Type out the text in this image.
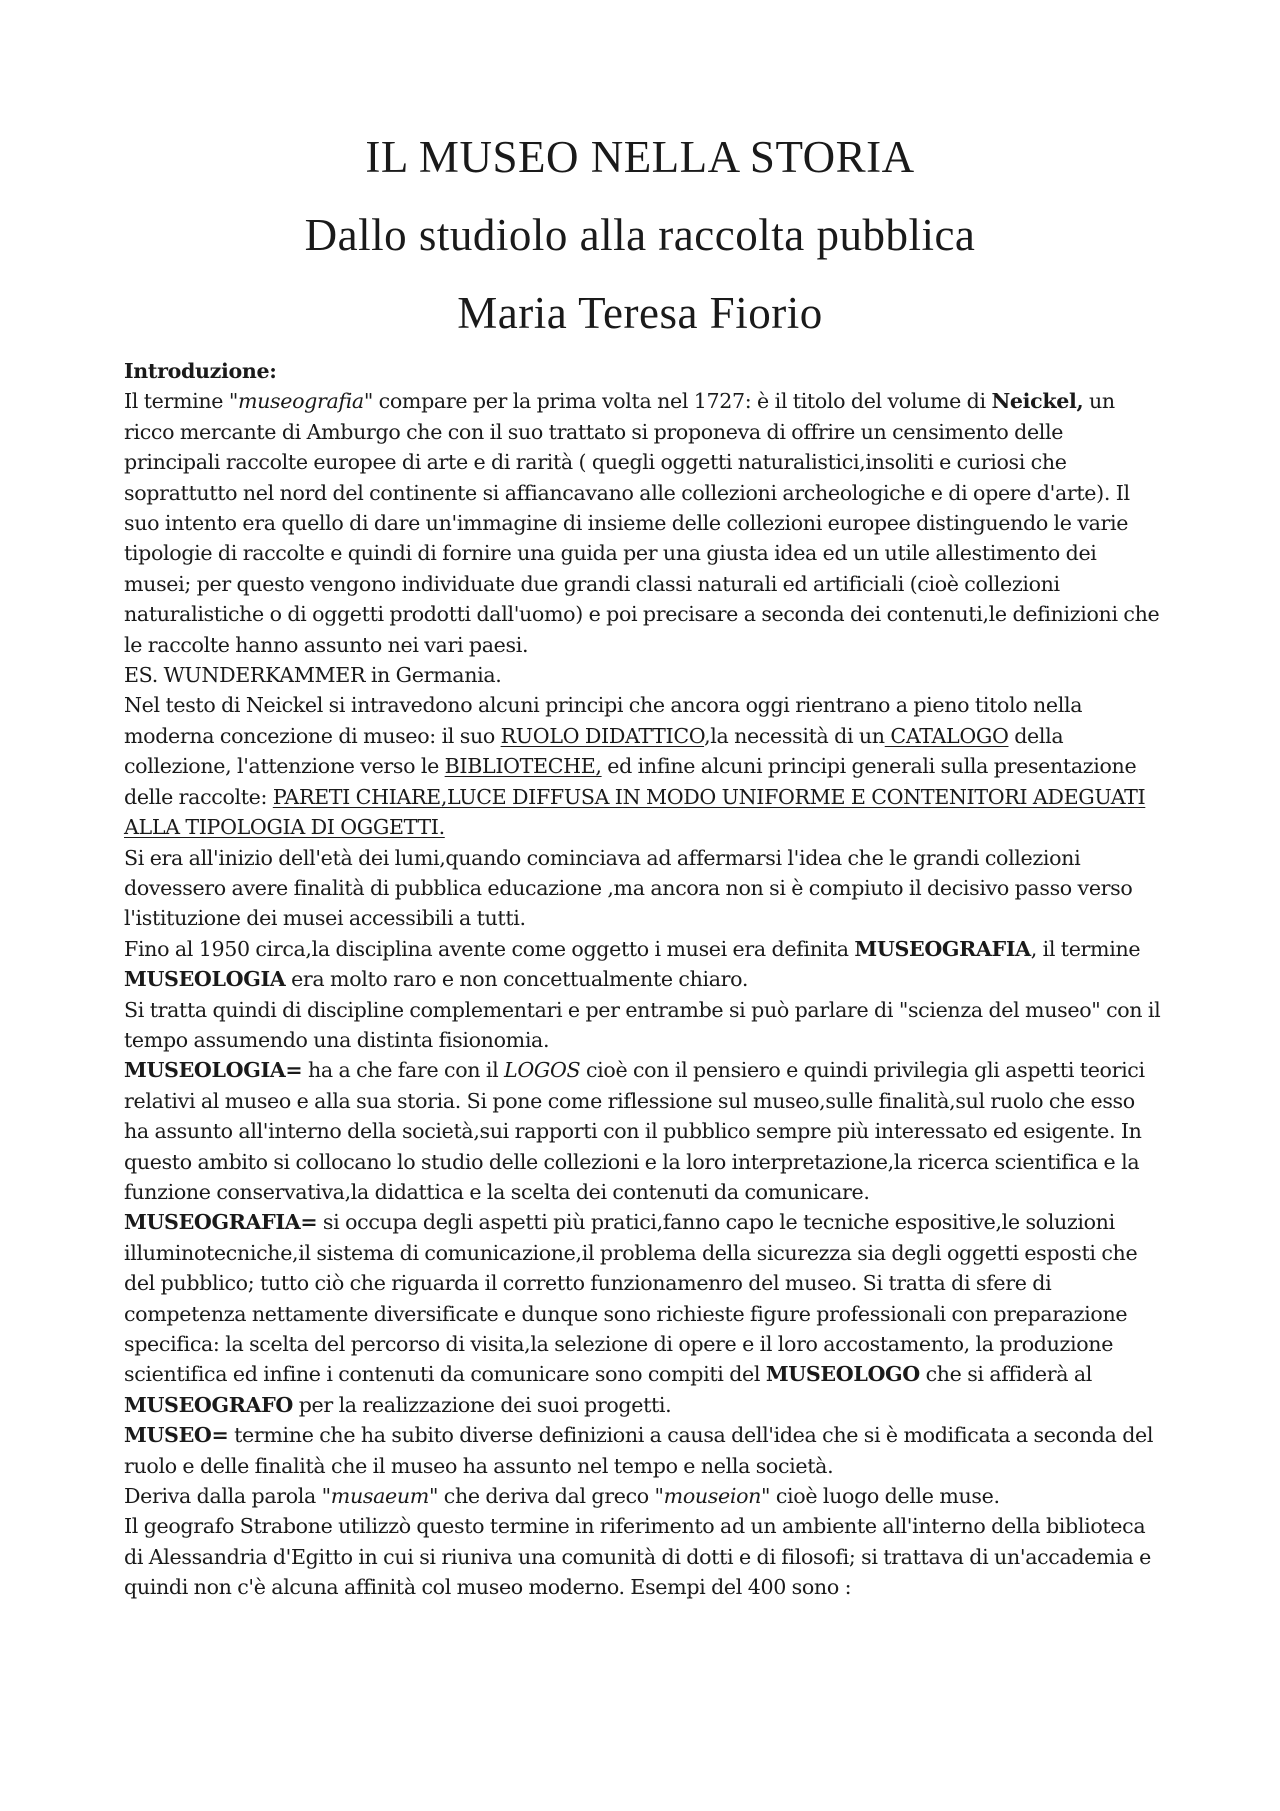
IL MUSEO NELLA STORIA

Dallo studiolo alla raccolta pubblica

Maria Teresa Fiorio

Introduzione:

Il termine "museografia" compare per la prima volta nel 1727: è il titolo del volume di Neickel, un ricco mercante di Amburgo che con il suo trattato si proponeva di offrire un censimento delle principali raccolte europee di arte e di rarità ( quegli oggetti naturalistici,insoliti e curiosi che soprattutto nel nord del continente si affiancavano alle collezioni archeologiche e di opere d'arte). Il suo intento era quello di dare un'immagine di insieme delle collezioni europee distinguendo le varie tipologie di raccolte e quindi di fornire una guida per una giusta idea ed un utile allestimento dei musei; per questo vengono individuate due grandi classi naturali ed artificiali (cioè collezioni naturalistiche o di oggetti prodotti dall'uomo) e poi precisare a seconda dei contenuti,le definizioni che le raccolte hanno assunto nei vari paesi.

ES. WUNDERKAMMER in Germania.

Nel testo di Neickel si intravedono alcuni principi che ancora oggi rientrano a pieno titolo nella moderna concezione di museo: il suo RUOLO DIDATTICO,la necessità di un CATALOGO della collezione, l'attenzione verso le BIBLIOTECHE, ed infine alcuni principi generali sulla presentazione delle raccolte: PARETI CHIARE,LUCE DIFFUSA IN MODO UNIFORME E CONTENITORI ADEGUATI ALLA TIPOLOGIA DI OGGETTI.

Si era all'inizio dell'età dei lumi,quando cominciava ad affermarsi l'idea che le grandi collezioni dovessero avere finalità di pubblica educazione ,ma ancora non si è compiuto il decisivo passo verso l'istituzione dei musei accessibili a tutti.

Fino al 1950 circa,la disciplina avente come oggetto i musei era definita MUSEOGRAFIA, il termine MUSEOLOGIA era molto raro e non concettualmente chiaro.

Si tratta quindi di discipline complementari e per entrambe si può parlare di "scienza del museo" con il tempo assumendo una distinta fisionomia.

MUSEOLOGIA= ha a che fare con il LOGOS cioè con il pensiero e quindi privilegia gli aspetti teorici relativi al museo e alla sua storia. Si pone come riflessione sul museo,sulle finalità,sul ruolo che esso ha assunto all'interno della società,sui rapporti con il pubblico sempre più interessato ed esigente. In questo ambito si collocano lo studio delle collezioni e la loro interpretazione,la ricerca scientifica e la funzione conservativa,la didattica e la scelta dei contenuti da comunicare.

MUSEOGRAFIA= si occupa degli aspetti più pratici,fanno capo le tecniche espositive,le soluzioni illuminotecniche,il sistema di comunicazione,il problema della sicurezza sia degli oggetti esposti che del pubblico; tutto ciò che riguarda il corretto funzionamenro del museo. Si tratta di sfere di competenza nettamente diversificate e dunque sono richieste figure professionali con preparazione specifica: la scelta del percorso di visita,la selezione di opere e il loro accostamento, la produzione scientifica ed infine i contenuti da comunicare sono compiti del MUSEOLOGO che si affiderà al MUSEOGRAFO per la realizzazione dei suoi progetti.

MUSEO= termine che ha subito diverse definizioni a causa dell'idea che si è modificata a seconda del ruolo e delle finalità che il museo ha assunto nel tempo e nella società.

Deriva dalla parola "musaeum" che deriva dal greco "mouseion" cioè luogo delle muse.

Il geografo Strabone utilizzò questo termine in riferimento ad un ambiente all'interno della biblioteca di Alessandria d'Egitto in cui si riuniva una comunità di dotti e di filosofi; si trattava di un'accademia e quindi non c'è alcuna affinità col museo moderno. Esempi del 400 sono :
